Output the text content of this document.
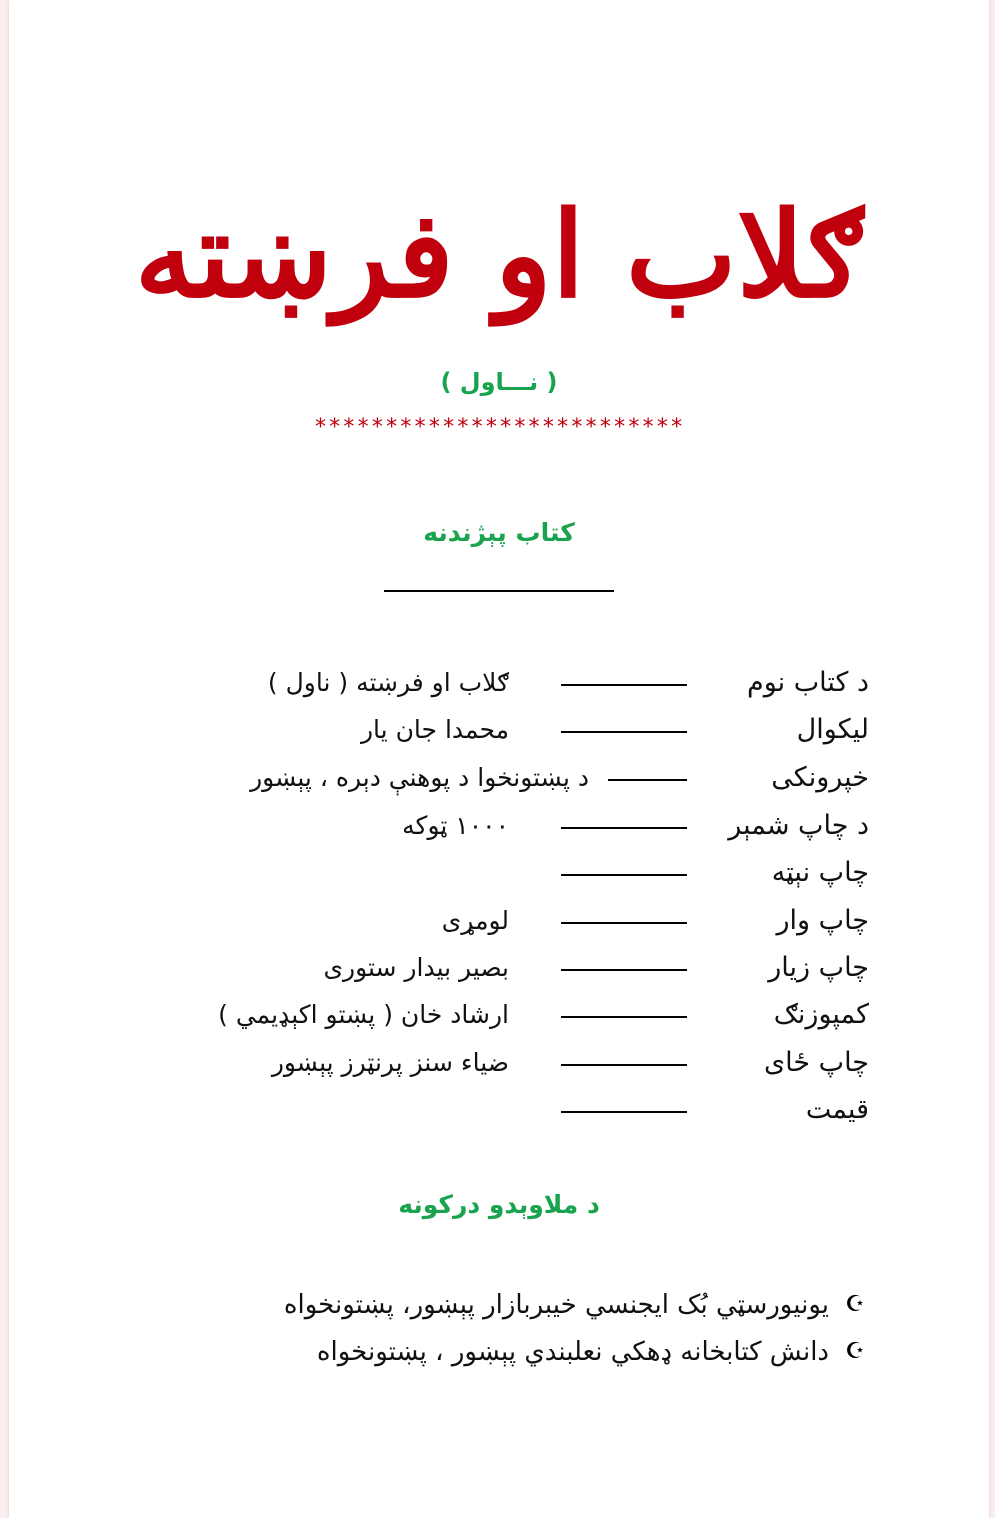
ګلاب او فرښته
( نـــاول )
**************************
کتاب پېژندنه
د کتاب نوم
ګلاب او فرښته ( ناول )
ليکوال
محمدا جان يار
خپرونکی
د پښتونخوا د پوهنې دېره ، پېښور
د چاپ شمېر
۱۰۰۰ ټوکه
چاپ نېټه
چاپ وار
لومړی
چاپ زيار
بصير بيدار ستوری
کمپوزنګ
ارشاد خان ( پښتو اکېډيمي )
چاپ ځای
ضياء سنز پرنټرز پېښور
قيمت
د ملاوېدو درکونه
☪
يونيورسټي بُک ايجنسي خيبربازار پېښور، پښتونخواه
☪
دانش کتابخانه ډهکي نعلبندي پېښور ، پښتونخواه
